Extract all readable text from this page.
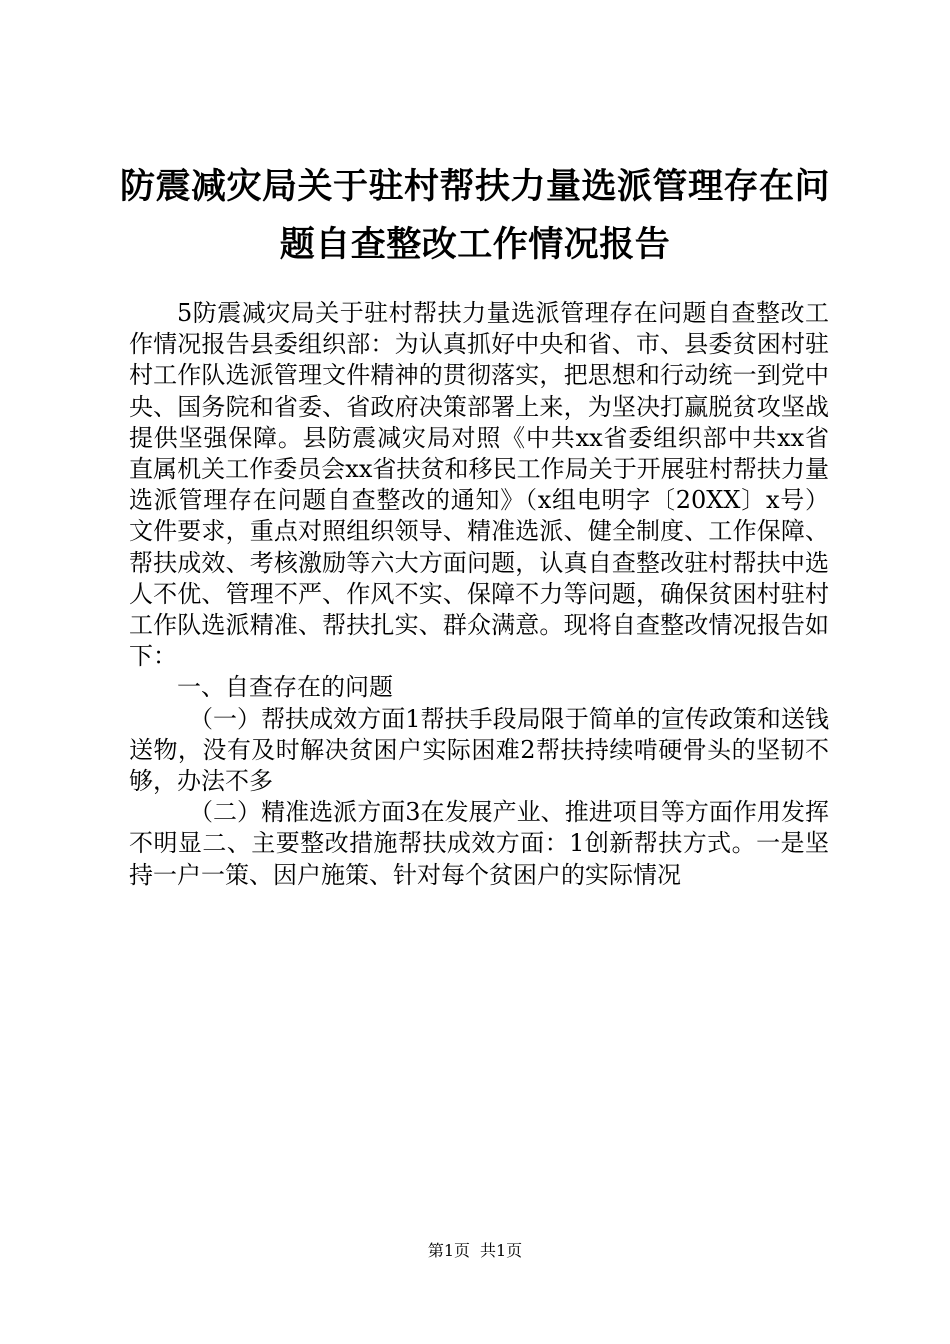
防震减灾局关于驻村帮扶力量选派管理存在问
题自查整改工作情况报告

5防震减灾局关于驻村帮扶力量选派管理存在问题自查整改工作情况报告县委组织部：为认真抓好中央和省、市、县委贫困村驻村工作队选派管理文件精神的贯彻落实，把思想和行动统一到党中央、国务院和省委、省政府决策部署上来，为坚决打赢脱贫攻坚战提供坚强保障。县防震减灾局对照《中共xx省委组织部中共xx省直属机关工作委员会xx省扶贫和移民工作局关于开展驻村帮扶力量选派管理存在问题自查整改的通知》（x组电明字〔20XX〕x号）文件要求，重点对照组织领导、精准选派、健全制度、工作保障、帮扶成效、考核激励等六大方面问题，认真自查整改驻村帮扶中选人不优、管理不严、作风不实、保障不力等问题，确保贫困村驻村工作队选派精准、帮扶扎实、群众满意。现将自查整改情况报告如下：

一、自查存在的问题

（一）帮扶成效方面1帮扶手段局限于简单的宣传政策和送钱送物，没有及时解决贫困户实际困难2帮扶持续啃硬骨头的坚韧不够，办法不多

（二）精准选派方面3在发展产业、推进项目等方面作用发挥不明显二、主要整改措施帮扶成效方面：1创新帮扶方式。一是坚持一户一策、因户施策、针对每个贫困户的实际情况

第1页 共1页
